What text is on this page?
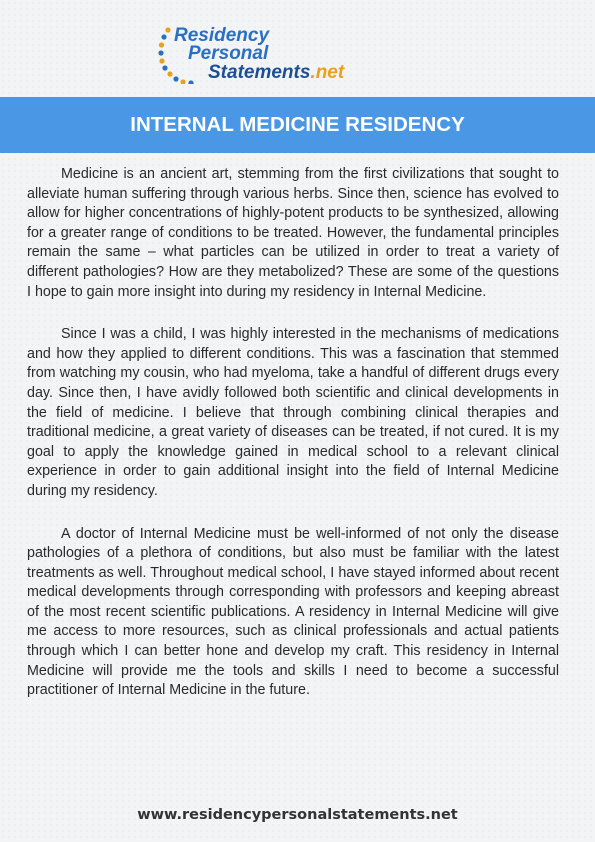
Residency
Personal
Statements.net
INTERNAL MEDICINE RESIDENCY

Medicine is an ancient art, stemming from the first civilizations that sought to alleviate human suffering through various herbs. Since then, science has evolved to allow for higher concentrations of highly-potent products to be synthesized, allowing for a greater range of conditions to be treated. However, the fundamental principles remain the same – what particles can be utilized in order to treat a variety of different pathologies? How are they metabolized? These are some of the questions I hope to gain more insight into during my residency in Internal Medicine.

Since I was a child, I was highly interested in the mechanisms of medications and how they applied to different conditions. This was a fascination that stemmed from watching my cousin, who had myeloma, take a handful of different drugs every day. Since then, I have avidly followed both scientific and clinical developments in the field of medicine. I believe that through combining clinical therapies and traditional medicine, a great variety of diseases can be treated, if not cured. It is my goal to apply the knowledge gained in medical school to a relevant clinical experience in order to gain additional insight into the field of Internal Medicine during my residency.

A doctor of Internal Medicine must be well-informed of not only the disease pathologies of a plethora of conditions, but also must be familiar with the latest treatments as well. Throughout medical school, I have stayed informed about recent medical developments through corresponding with professors and keeping abreast of the most recent scientific publications. A residency in Internal Medicine will give me access to more resources, such as clinical professionals and actual patients through which I can better hone and develop my craft. This residency in Internal Medicine will provide me the tools and skills I need to become a successful practitioner of Internal Medicine in the future.

www.residencypersonalstatements.net
